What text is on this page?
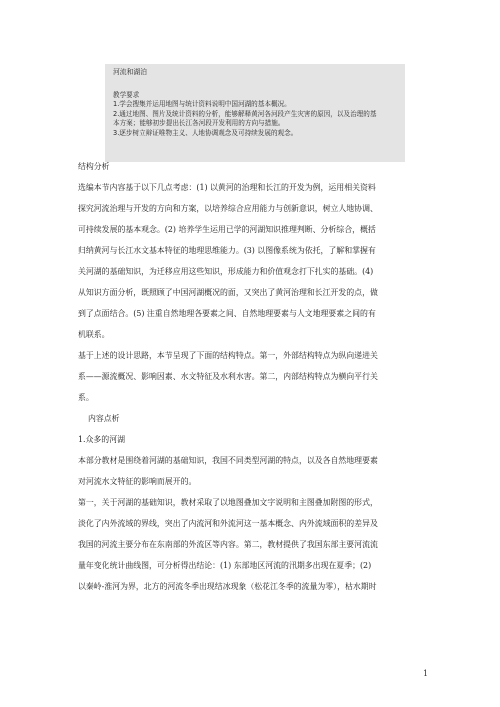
河流和湖泊

教学要求

1.学会搜集并运用地图与统计资料说明中国河湖的基本概况。

2.通过地图、图片及统计资料的分析，能够解释黄河各河段产生灾害的原因，以及治理的基

本方案；能够初步提出长江各河段开发利用的方向与措施。

3.逐步树立辩证唯物主义、人地协调观念及可持续发展的观念。

结构分析

选编本节内容基于以下几点考虑：(1) 以黄河的治理和长江的开发为例，运用相关资料

探究河流治理与开发的方向和方案，以培养综合应用能力与创新意识，树立人地协调、

可持续发展的基本观念。(2) 培养学生运用已学的河湖知识推理判断、分析综合，概括

归纳黄河与长江水文基本特征的地理思维能力。(3) 以图像系统为依托，了解和掌握有

关河湖的基础知识，为迁移应用这些知识，形成能力和价值观念打下扎实的基础。(4)

从知识方面分析，既照顾了中国河湖概况的面，又突出了黄河治理和长江开发的点，做

到了点面结合。(5) 注重自然地理各要素之间、自然地理要素与人文地理要素之间的有

机联系。

基于上述的设计思路，本节呈现了下面的结构特点。第一，外部结构特点为纵向递进关

系——源流概况、影响因素、水文特征及水利水害。第二，内部结构特点为横向平行关

系。

内容点析

1.众多的河湖

本部分教材是围绕着河湖的基础知识，我国不同类型河湖的特点，以及各自然地理要素

对河流水文特征的影响而展开的。

第一，关于河湖的基础知识，教材采取了以地图叠加文字说明和主图叠加附图的形式，

淡化了内外流域的界线，突出了内流河和外流河这一基本概念、内外流域面积的差异及

我国的河流主要分布在东南部的外流区等内容。第二，教材提供了我国东部主要河流流

量年变化统计曲线图，可分析得出结论：(1) 东部地区河流的汛期多出现在夏季；(2)

以秦岭-淮河为界，北方的河流冬季出现结冰现象（松花江冬季的流量为零），枯水期时

1
